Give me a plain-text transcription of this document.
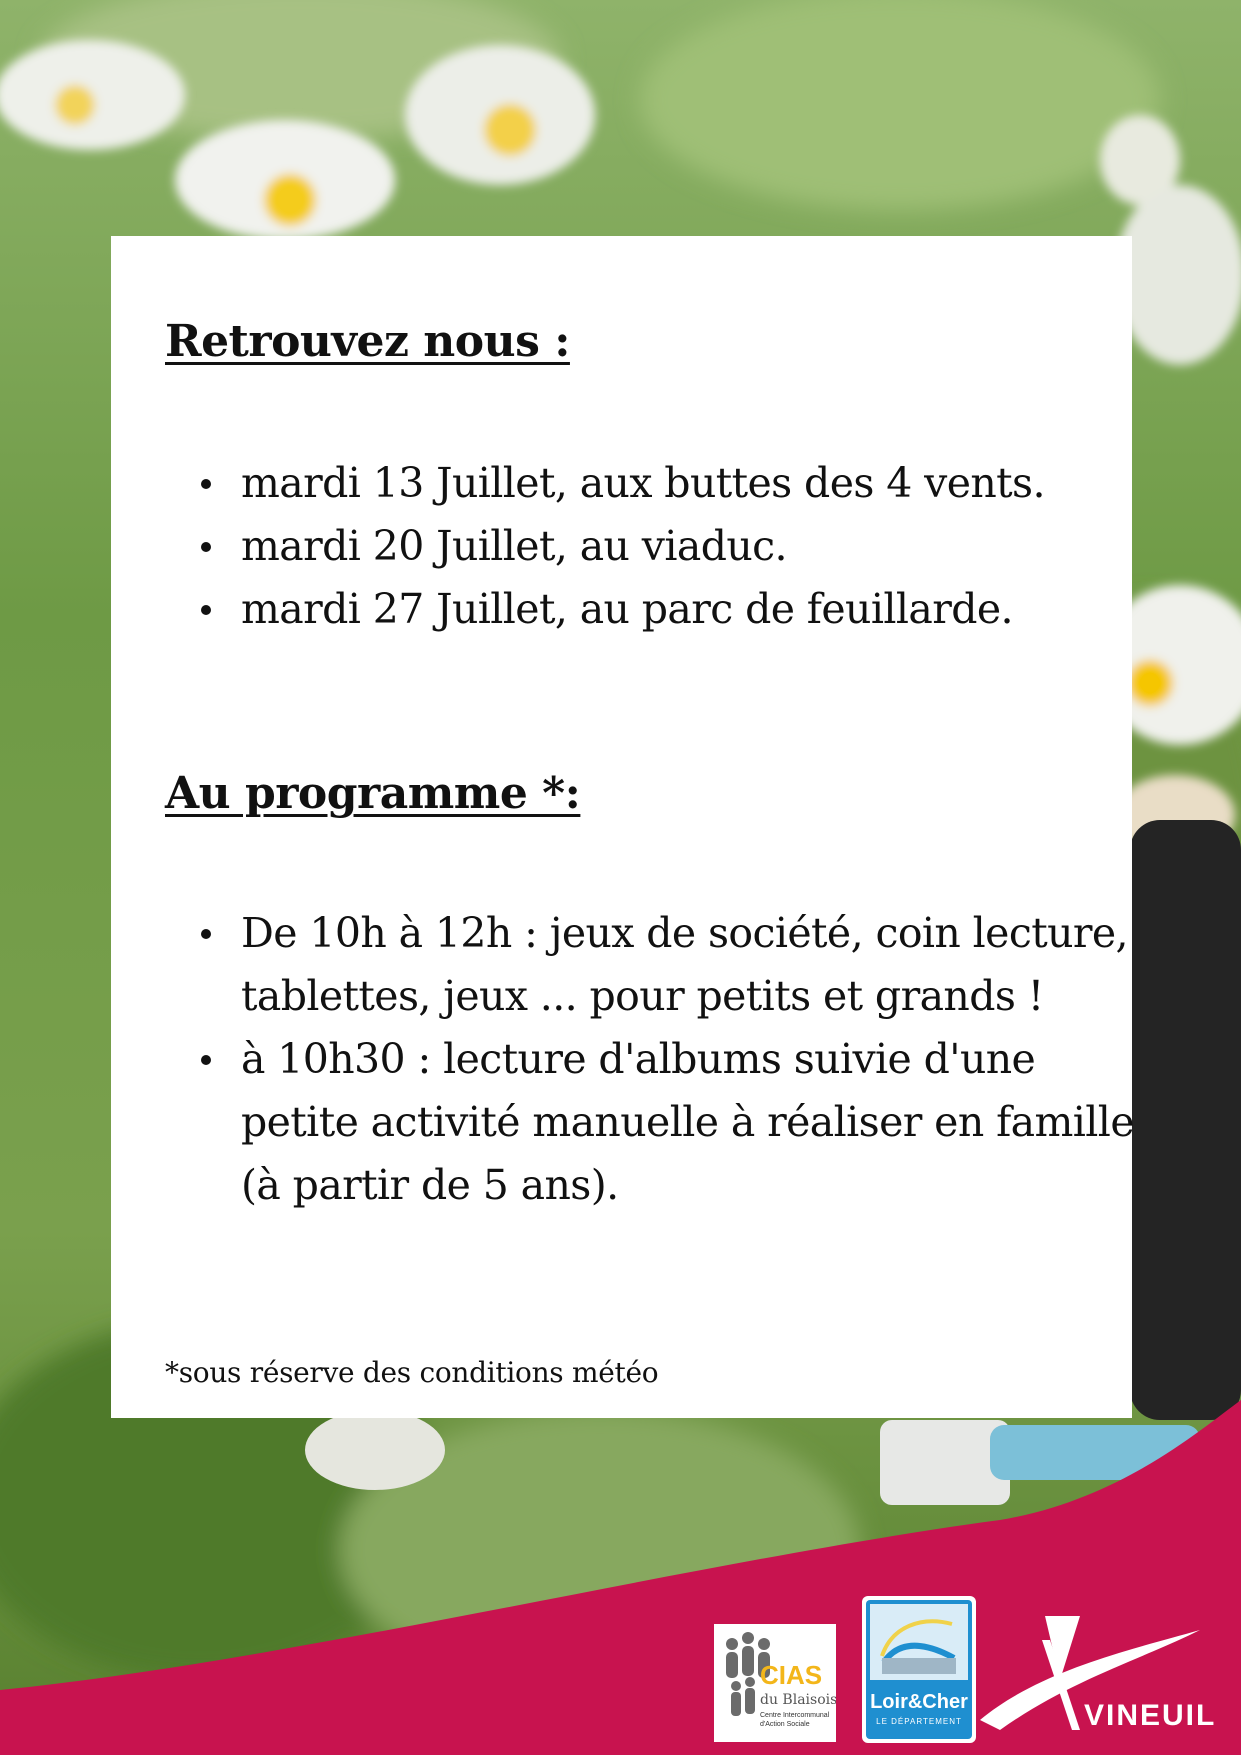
Retrouvez nous :
mardi 13 Juillet, aux buttes des 4 vents.
mardi 20 Juillet, au viaduc.
mardi 27 Juillet, au parc de feuillarde.
Au programme *:
De 10h à 12h : jeux de société, coin lecture, tablettes, jeux ... pour petits et grands !
à 10h30 : lecture d'albums suivie d'une petite activité manuelle à réaliser en famille (à partir de 5 ans).

*sous réserve des conditions météo

CIAS
du Blaisois
Centre Intercommunal
d'Action Sociale
Loir&Cher
LE DÉPARTEMENT	VINEUIL
